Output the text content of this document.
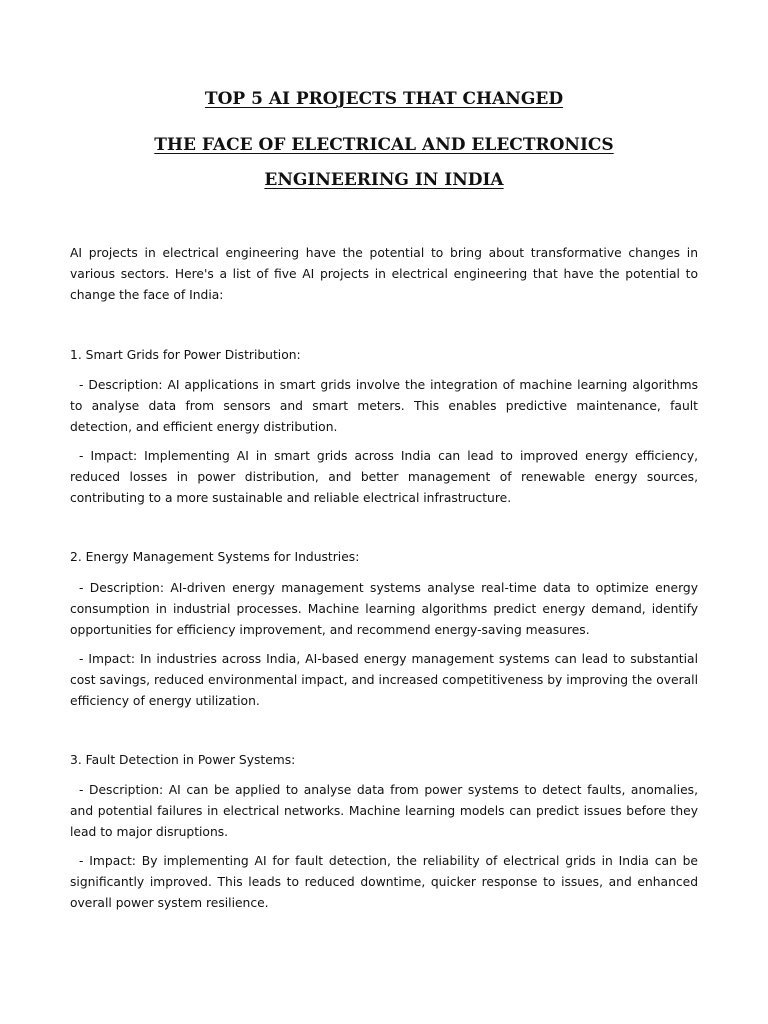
TOP 5 AI PROJECTS THAT CHANGED
THE FACE OF ELECTRICAL AND ELECTRONICS
ENGINEERING IN INDIA

AI projects in electrical engineering have the potential to bring about transformative changes in various sectors. Here's a list of five AI projects in electrical engineering that have the potential to change the face of India:

1. Smart Grids for Power Distribution:

- Description: AI applications in smart grids involve the integration of machine learning algorithms to analyse data from sensors and smart meters. This enables predictive maintenance, fault detection, and efficient energy distribution.

- Impact: Implementing AI in smart grids across India can lead to improved energy efficiency, reduced losses in power distribution, and better management of renewable energy sources, contributing to a more sustainable and reliable electrical infrastructure.

2. Energy Management Systems for Industries:

- Description: AI-driven energy management systems analyse real-time data to optimize energy consumption in industrial processes. Machine learning algorithms predict energy demand, identify opportunities for efficiency improvement, and recommend energy-saving measures.

- Impact: In industries across India, AI-based energy management systems can lead to substantial cost savings, reduced environmental impact, and increased competitiveness by improving the overall efficiency of energy utilization.

3. Fault Detection in Power Systems:

- Description: AI can be applied to analyse data from power systems to detect faults, anomalies, and potential failures in electrical networks. Machine learning models can predict issues before they lead to major disruptions.

- Impact: By implementing AI for fault detection, the reliability of electrical grids in India can be significantly improved. This leads to reduced downtime, quicker response to issues, and enhanced overall power system resilience.
